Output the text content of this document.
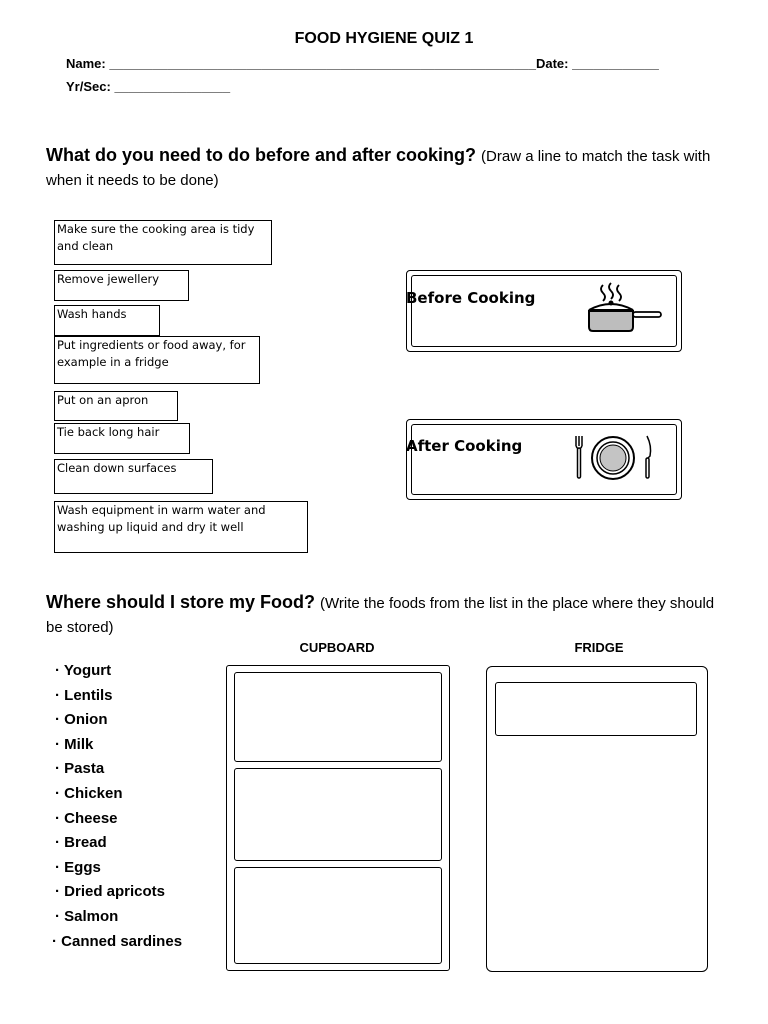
FOOD HYGIENE QUIZ 1
Name: ___________________________________________________________Date: ____________
Yr/Sec: ________________
What do you need to do before and after cooking? (Draw a line to match the task with when it needs to be done)
Make sure the cooking area is tidy and clean
Remove jewellery
Wash hands
Put ingredients or food away, for example in a fridge
Put on an apron
Tie back long hair
Clean down surfaces
Wash equipment in warm water and washing up liquid and dry it well
Before Cooking
After Cooking
Where should I store my Food? (Write the foods from the list in the place where they should be stored)
CUPBOARD	FRIDGE
· Yogurt
· Lentils
· Onion
· Milk
· Pasta
· Chicken
· Cheese
· Bread
· Eggs
· Dried apricots
· Salmon
· Canned sardines
